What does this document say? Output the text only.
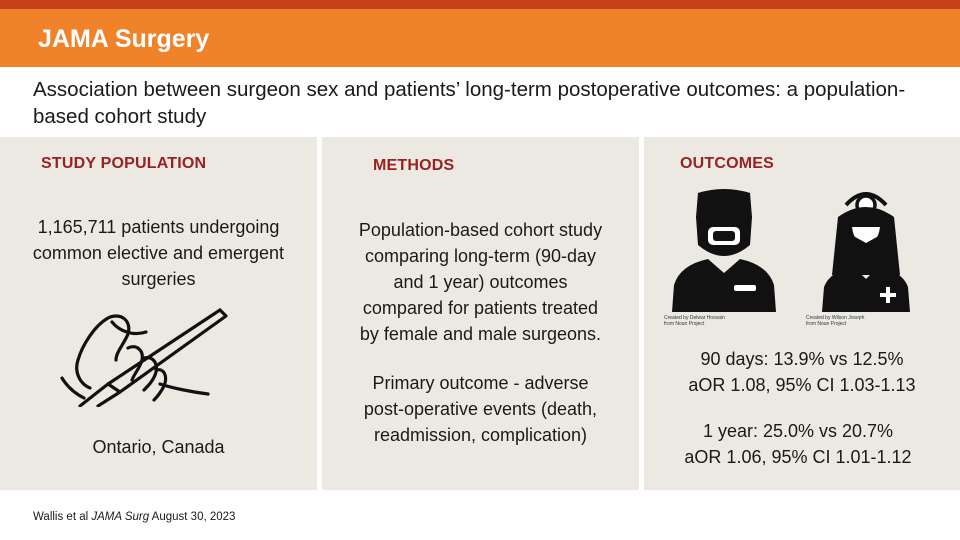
JAMA Surgery
Association between surgeon sex and patients’ long-term postoperative outcomes: a population-based cohort study
STUDY POPULATION
1,165,711 patients undergoing
common elective and emergent
surgeries
Ontario, Canada
METHODS
Population-based cohort study
comparing long-term (90-day
and 1 year) outcomes
compared for patients treated
by female and male surgeons.
Primary outcome - adverse
post-operative events (death,
readmission, complication)
OUTCOMES
Created by Delwar Hossain
from Noun Project
Created by Wilson Joseph
from Noun Project
90 days: 13.9% vs 12.5%
aOR 1.08, 95% CI 1.03-1.13
1 year: 25.0% vs 20.7%
aOR 1.06, 95% CI 1.01-1.12
Wallis et al JAMA Surg August 30, 2023
